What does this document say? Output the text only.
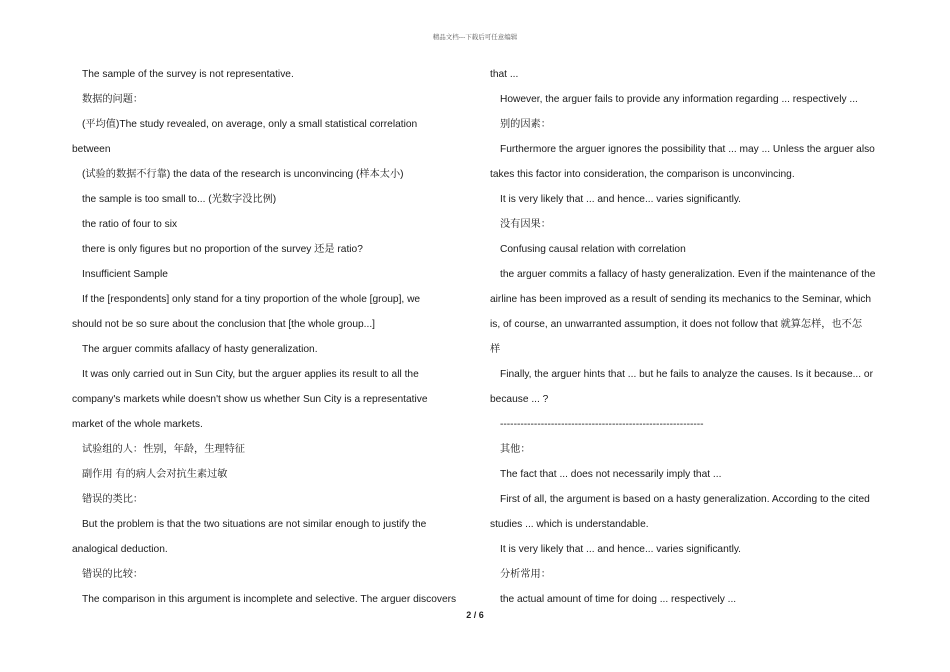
精品文档---下载后可任意编辑
The sample of the survey is not representative.
数据的问题：
(平均值)The study revealed, on average, only a small statistical correlation
between
(试验的数据不行靠) the data of the research is unconvincing (样本太小)
the sample is too small to... (光数字没比例)
the ratio of four to six
there is only figures but no proportion of the survey 还是 ratio?
Insufficient Sample
If the [respondents] only stand for a tiny proportion of the whole [group], we
should not be so sure about the conclusion that [the whole group...]
The arguer commits afallacy of hasty generalization.
It was only carried out in Sun City, but the arguer applies its result to all the
company's markets while doesn't show us whether Sun City is a representative
market of the whole markets.
试验组的人：性别，年龄，生理特征
副作用 有的病人会对抗生素过敏
错误的类比：
But the problem is that the two situations are not similar enough to justify the
analogical deduction.
错误的比较：
The comparison in this argument is incomplete and selective. The arguer discovers
that ...
However, the arguer fails to provide any information regarding ... respectively ...
别的因素：
Furthermore the arguer ignores the possibility that ... may ... Unless the arguer also
takes this factor into consideration, the comparison is unconvincing.
It is very likely that ... and hence... varies significantly.
没有因果：
Confusing causal relation with correlation
the arguer commits a fallacy of hasty generalization. Even if the maintenance of the
airline has been improved as a result of sending its mechanics to the Seminar, which
is, of course, an unwarranted assumption, it does not follow that 就算怎样，也不怎
样
Finally, the arguer hints that ... but he fails to analyze the causes. Is it because... or
because ... ?
------------------------------------------------------------
其他：
The fact that ... does not necessarily imply that ...
First of all, the argument is based on a hasty generalization. According to the cited
studies ... which is understandable.
It is very likely that ... and hence... varies significantly.
分析常用：
the actual amount of time for doing ... respectively ...
2 / 6
